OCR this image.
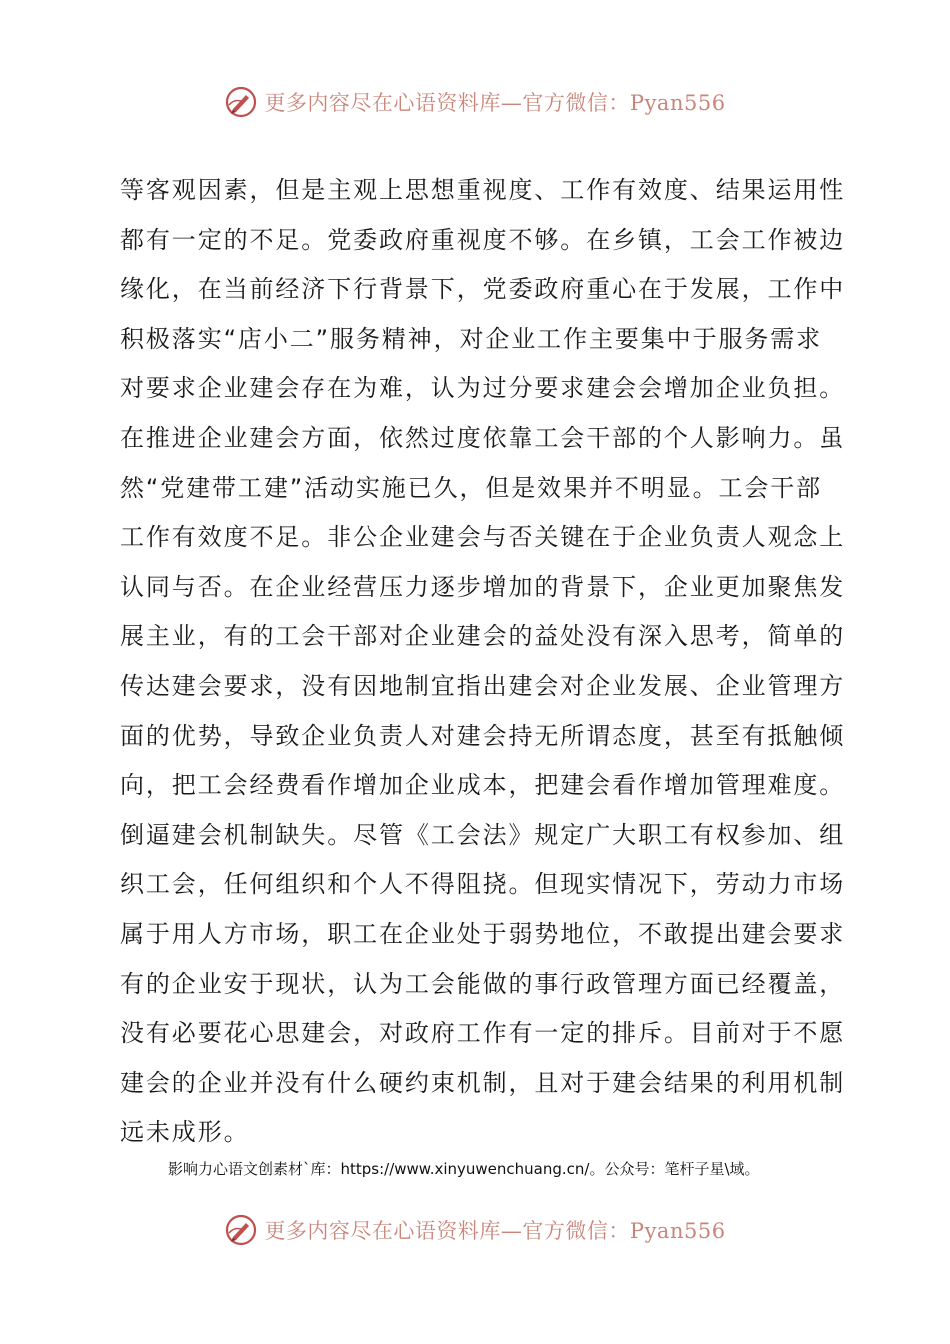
更多内容尽在心语资料库—官方微信：Pyan556
等客观因素，但是主观上思想重视度、工作有效度、结果运用性
都有一定的不足。党委政府重视度不够。在乡镇，工会工作被边
缘化，在当前经济下行背景下，党委政府重心在于发展，工作中
积极落实“店小二”服务精神，对企业工作主要集中于服务需求
对要求企业建会存在为难，认为过分要求建会会增加企业负担。
在推进企业建会方面，依然过度依靠工会干部的个人影响力。虽
然“党建带工建”活动实施已久，但是效果并不明显。工会干部
工作有效度不足。非公企业建会与否关键在于企业负责人观念上
认同与否。在企业经营压力逐步增加的背景下，企业更加聚焦发
展主业，有的工会干部对企业建会的益处没有深入思考，简单的
传达建会要求，没有因地制宜指出建会对企业发展、企业管理方
面的优势，导致企业负责人对建会持无所谓态度，甚至有抵触倾
向，把工会经费看作增加企业成本，把建会看作增加管理难度。
倒逼建会机制缺失。尽管《工会法》规定广大职工有权参加、组
织工会，任何组织和个人不得阻挠。但现实情况下，劳动力市场
属于用人方市场，职工在企业处于弱势地位，不敢提出建会要求
有的企业安于现状，认为工会能做的事行政管理方面已经覆盖，
没有必要花心思建会，对政府工作有一定的排斥。目前对于不愿
建会的企业并没有什么硬约束机制，且对于建会结果的利用机制
远未成形。
影响力心语文创素材`库：https://www.xinyuwenchuang.cn/。公众号：笔杆子星\域。
更多内容尽在心语资料库—官方微信：Pyan556
